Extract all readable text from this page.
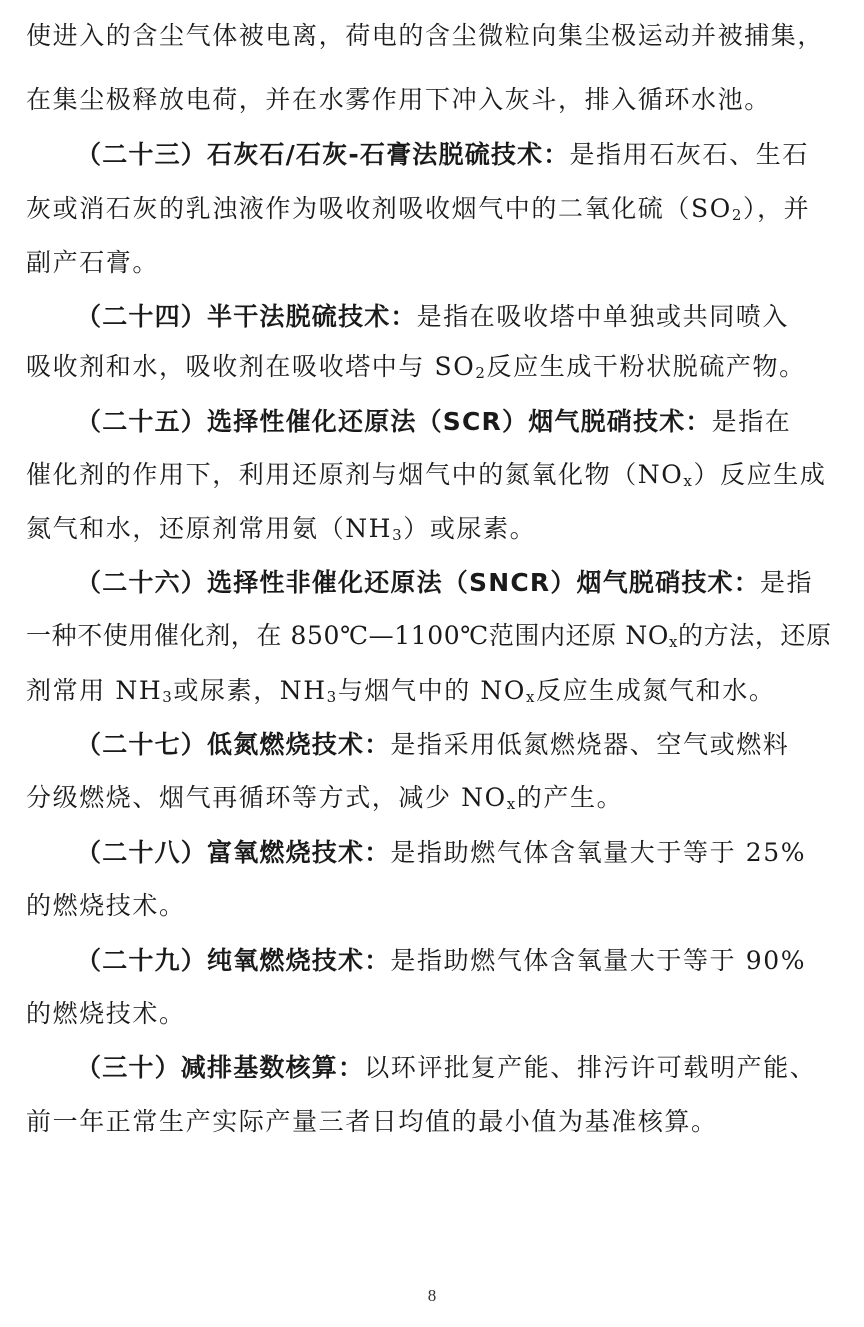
使进入的含尘气体被电离，荷电的含尘微粒向集尘极运动并被捕集，
在集尘极释放电荷，并在水雾作用下冲入灰斗，排入循环水池。
（二十三）石灰石/石灰-石膏法脱硫技术：是指用石灰石、生石
灰或消石灰的乳浊液作为吸收剂吸收烟气中的二氧化硫$(SO_2)$，并
副产石膏。
（二十四）半干法脱硫技术：是指在吸收塔中单独或共同喷入
吸收剂和水，吸收剂在吸收塔中与 $SO_2$反应生成干粉状脱硫产物。
（二十五）选择性催化还原法（SCR）烟气脱硝技术：是指在
催化剂的作用下，利用还原剂与烟气中的氮氧化物$(NO_x)$反应生成
氮气和水，还原剂常用氨$(NH_3)$或尿素。
（二十六）选择性非催化还原法（SNCR）烟气脱硝技术：是指
一种不使用催化剂，在 850℃—1100℃范围内还原 $NO_x$的方法，还原
剂常用 $NH_3$或尿素，$NH_3$与烟气中的 $NO_x$反应生成氮气和水。
（二十七）低氮燃烧技术：是指采用低氮燃烧器、空气或燃料
分级燃烧、烟气再循环等方式，减少 $NO_x$的产生。
（二十八）富氧燃烧技术：是指助燃气体含氧量大于等于 25%
的燃烧技术。
（二十九）纯氧燃烧技术：是指助燃气体含氧量大于等于 90%
的燃烧技术。
（三十）减排基数核算：以环评批复产能、排污许可载明产能、
前一年正常生产实际产量三者日均值的最小值为基准核算。
8
